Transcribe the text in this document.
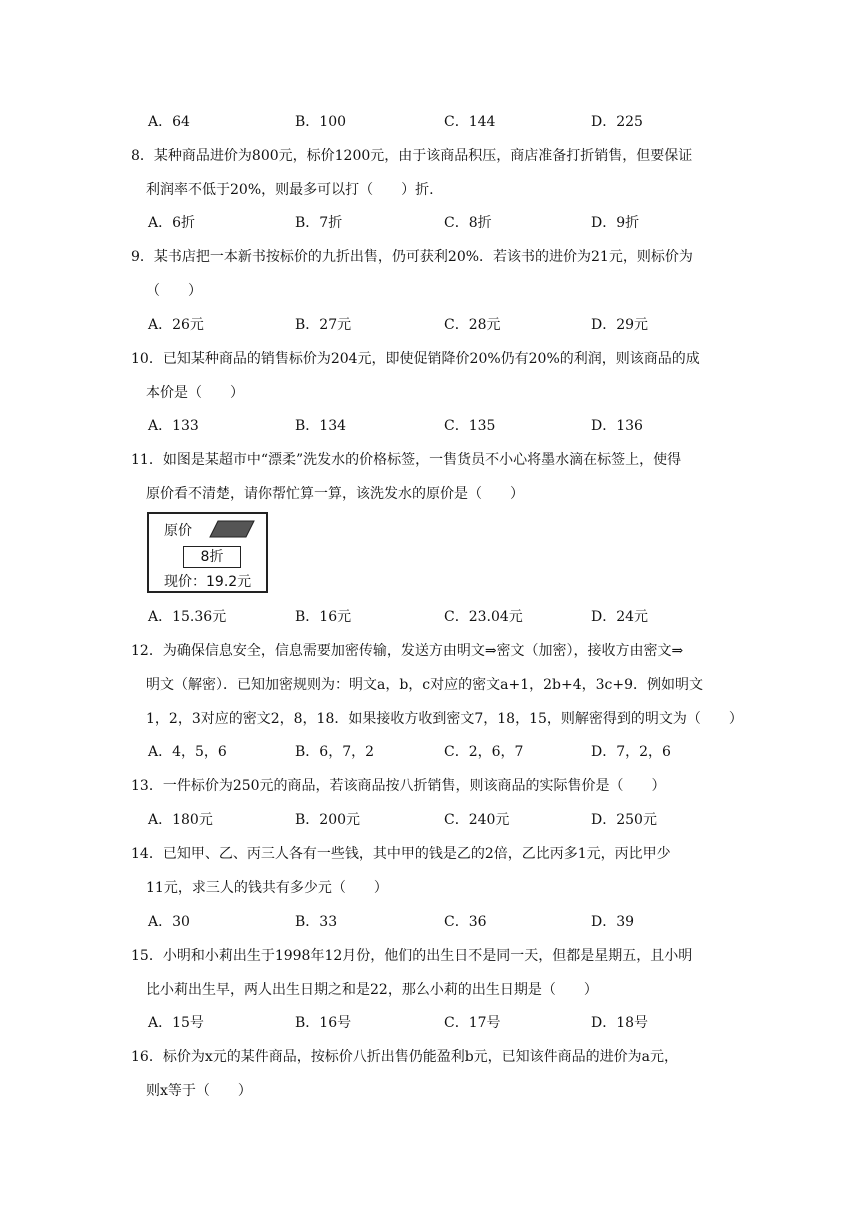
A．64	B．100	C．144	D．225
8．某种商品进价为800元，标价1200元，由于该商品积压，商店准备打折销售，但要保证
利润率不低于20%，则最多可以打（　　）折.
A．6折	B．7折	C．8折	D．9折
9．某书店把一本新书按标价的九折出售，仍可获利20%．若该书的进价为21元，则标价为
（　　）
A．26元	B．27元	C．28元	D．29元
10．已知某种商品的销售标价为204元，即使促销降价20%仍有20%的利润，则该商品的成
本价是（　　）
A．133	B．134	C．135	D．136
11．如图是某超市中“漂柔”洗发水的价格标签，一售货员不小心将墨水滴在标签上，使得
原价看不清楚，请你帮忙算一算，该洗发水的原价是（　　）
原价
8折
现价：19.2元
A．15.36元	B．16元	C．23.04元	D．24元
12．为确保信息安全，信息需要加密传输，发送方由明文⇒密文（加密），接收方由密文⇒
明文（解密）．已知加密规则为：明文a，b，c对应的密文a+1，2b+4，3c+9．例如明文
1，2，3对应的密文2，8，18．如果接收方收到密文7，18，15，则解密得到的明文为（　　）
A．4，5，6	B．6，7，2	C．2，6，7	D．7，2，6
13．一件标价为250元的商品，若该商品按八折销售，则该商品的实际售价是（　　）
A．180元	B．200元	C．240元	D．250元
14．已知甲、乙、丙三人各有一些钱，其中甲的钱是乙的2倍，乙比丙多1元，丙比甲少
11元，求三人的钱共有多少元（　　）
A．30	B．33	C．36	D．39
15．小明和小莉出生于1998年12月份，他们的出生日不是同一天，但都是星期五，且小明
比小莉出生早，两人出生日期之和是22，那么小莉的出生日期是（　　）
A．15号	B．16号	C．17号	D．18号
16．标价为x元的某件商品，按标价八折出售仍能盈利b元，已知该件商品的进价为a元，
则x等于（　　）
